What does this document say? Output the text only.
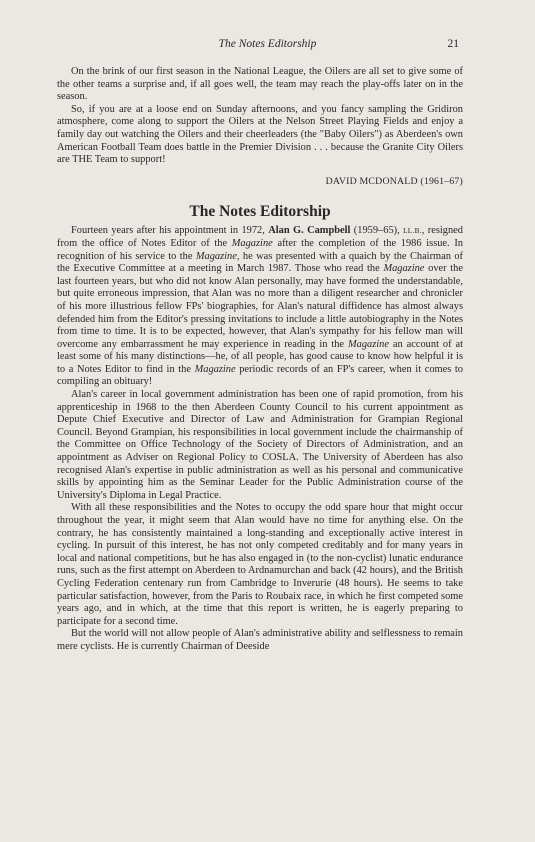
The Notes Editorship	21

On the brink of our first season in the National League, the Oilers are all set to give some of the other teams a surprise and, if all goes well, the team may reach the play-offs later on in the season.

So, if you are at a loose end on Sunday afternoons, and you fancy sampling the Gridiron atmosphere, come along to support the Oilers at the Nelson Street Playing Fields and enjoy a family day out watching the Oilers and their cheerleaders (the "Baby Oilers") as Aberdeen's own American Football Team does battle in the Premier Division . . . because the Granite City Oilers are THE Team to support!

DAVID MCDONALD (1961–67)
The Notes Editorship

Fourteen years after his appointment in 1972, Alan G. Campbell (1959–65), LL.B., resigned from the office of Notes Editor of the Magazine after the completion of the 1986 issue. In recognition of his service to the Magazine, he was presented with a quaich by the Chairman of the Executive Committee at a meeting in March 1987. Those who read the Magazine over the last fourteen years, but who did not know Alan personally, may have formed the understandable, but quite erroneous impression, that Alan was no more than a diligent researcher and chronicler of his more illustrious fellow FPs' biographies, for Alan's natural diffidence has almost always defended him from the Editor's pressing invitations to include a little autobiography in the Notes from time to time. It is to be expected, however, that Alan's sympathy for his fellow man will overcome any embarrassment he may experience in reading in the Magazine an account of at least some of his many distinctions—he, of all people, has good cause to know how helpful it is to a Notes Editor to find in the Magazine periodic records of an FP's career, when it comes to compiling an obituary!

Alan's career in local government administration has been one of rapid promotion, from his apprenticeship in 1968 to the then Aberdeen County Council to his current appointment as Depute Chief Executive and Director of Law and Administration for Grampian Regional Council. Beyond Grampian, his responsibilities in local government include the chairmanship of the Committee on Office Technology of the Society of Directors of Administration, and an appointment as Adviser on Regional Policy to COSLA. The University of Aberdeen has also recognised Alan's expertise in public administration as well as his personal and communicative skills by appointing him as the Seminar Leader for the Public Administration course of the University's Diploma in Legal Practice.

With all these responsibilities and the Notes to occupy the odd spare hour that might occur throughout the year, it might seem that Alan would have no time for anything else. On the contrary, he has consistently maintained a long-standing and exceptionally active interest in cycling. In pursuit of this interest, he has not only competed creditably and for many years in local and national competitions, but he has also engaged in (to the non-cyclist) lunatic endurance runs, such as the first attempt on Aberdeen to Ardnamurchan and back (42 hours), and the British Cycling Federation centenary run from Cambridge to Inverurie (48 hours). He seems to take particular satisfaction, however, from the Paris to Roubaix race, in which he first competed some years ago, and in which, at the time that this report is written, he is eagerly preparing to participate for a second time.

But the world will not allow people of Alan's administrative ability and selflessness to remain mere cyclists. He is currently Chairman of Deeside
